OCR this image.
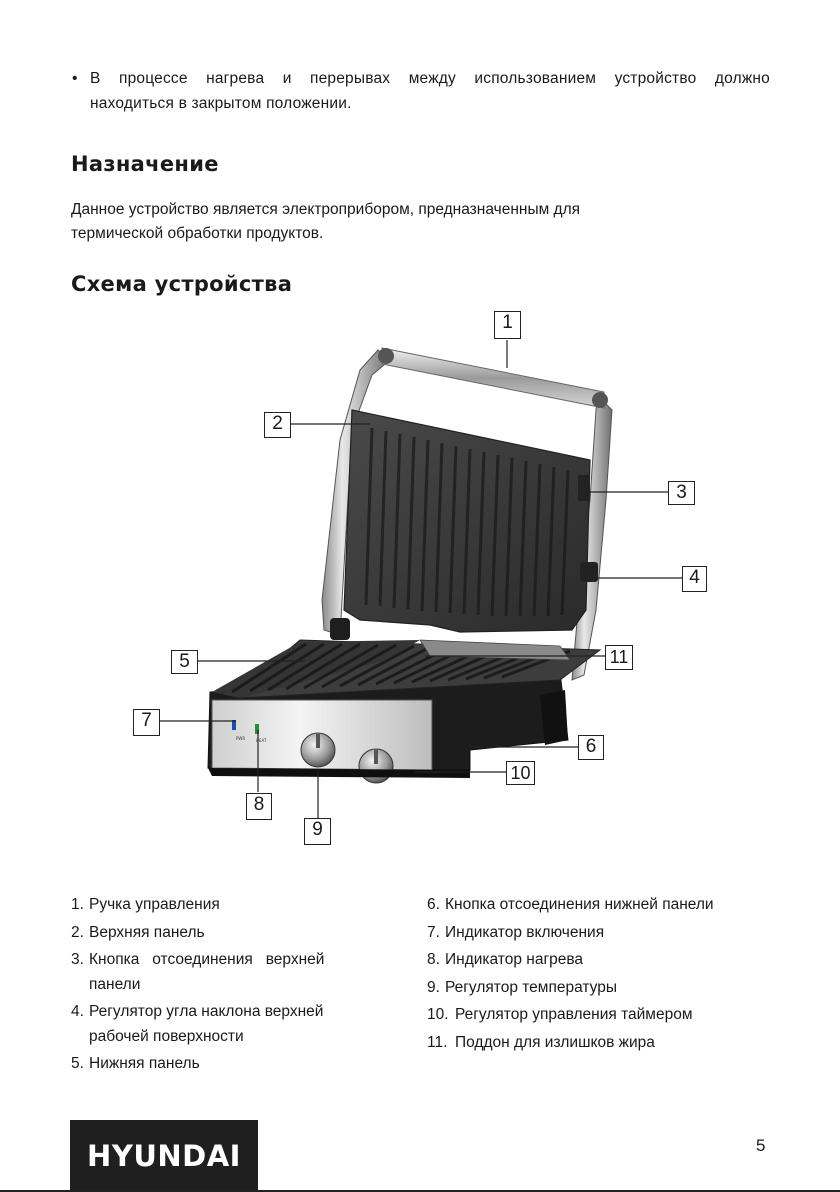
• В процессе нагрева и перерывах между использованием устройство должно
находиться в закрытом положении.
Назначение
Данное устройство является электроприбором, предназначенным для
термической обработки продуктов.
Схема устройства
PWR	HEAT
1
2
3
4
5
6
7
8
9
10
11
1. Ручка управления
2. Верхняя панель
3. Кнопка   отсоединения   верхней
панели
4. Регулятор угла наклона верхней
рабочей поверхности
5. Нижняя панель
6. Кнопка отсоединения нижней панели
7. Индикатор включения
8. Индикатор нагрева
9. Регулятор температуры
10. Регулятор управления таймером
11. Поддон для излишков жира
HYUNDAI	5
